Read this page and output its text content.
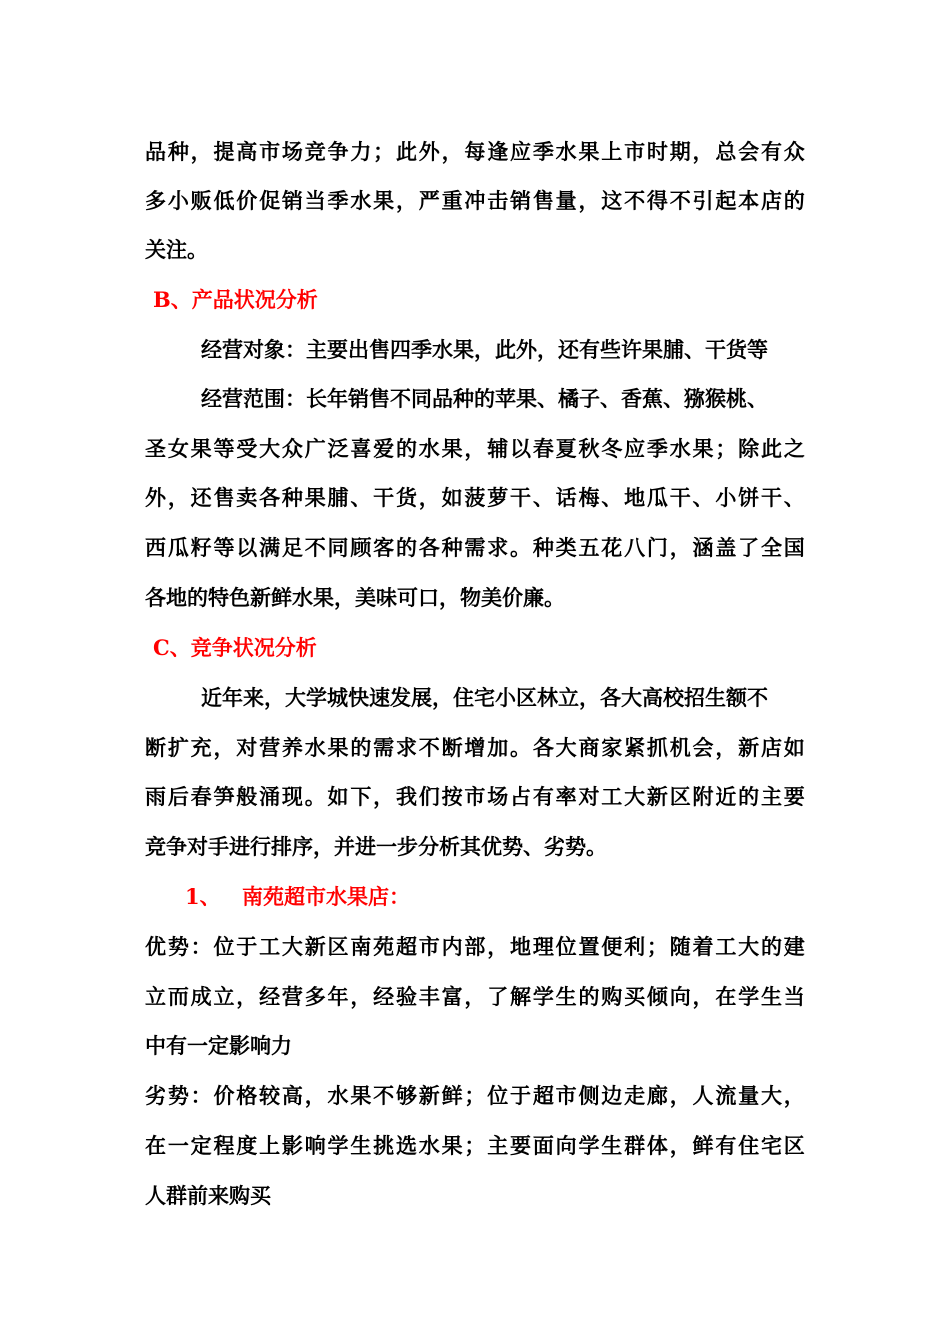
品 种 ， 提 高 市 场 竞 争 力 ； 此 外 ， 每 逢 应 季 水 果 上 市 时 期 ， 总 会 有 众
多 小 贩 低 价 促 销 当 季 水 果 ， 严 重 冲 击 销 售 量 ， 这 不 得 不 引 起 本 店 的
关注。
B、产品状况分析
经营对象：主要出售四季水果，此外，还有些许果脯、干货等
经营范围：长年销售不同品种的苹果、橘子、香蕉、猕猴桃、
圣 女 果 等 受 大 众 广 泛 喜 爱 的 水 果 ， 辅 以 春 夏 秋 冬 应 季 水 果 ； 除 此 之
外 ， 还 售 卖 各 种 果 脯 、 干 货 ， 如 菠 萝 干 、 话 梅 、 地 瓜 干 、 小 饼 干 、
西 瓜 籽 等 以 满 足 不 同 顾 客 的 各 种 需 求 。 种 类 五 花 八 门 ， 涵 盖 了 全 国
各地的特色新鲜水果，美味可口，物美价廉。
C、竞争状况分析
近年来，大学城快速发展，住宅小区林立，各大高校招生额不
断 扩 充 ， 对 营 养 水 果 的 需 求 不 断 增 加 。 各 大 商 家 紧 抓 机 会 ， 新 店 如
雨 后 春 笋 般 涌 现 。 如 下 ， 我 们 按 市 场 占 有 率 对 工 大 新 区 附 近 的 主 要
竞争对手进行排序，并进一步分析其优势、劣势。
1、 南苑超市水果店：
优 势 ： 位 于 工 大 新 区 南 苑 超 市 内 部 ， 地 理 位 置 便 利 ； 随 着 工 大 的 建
立 而 成 立 ， 经 营 多 年 ， 经 验 丰 富 ， 了 解 学 生 的 购 买 倾 向 ， 在 学 生 当
中有一定影响力
劣 势 ： 价 格 较 高 ， 水 果 不 够 新 鲜 ； 位 于 超 市 侧 边 走 廊 ， 人 流 量 大 ，
在 一 定 程 度 上 影 响 学 生 挑 选 水 果 ； 主 要 面 向 学 生 群 体 ， 鲜 有 住 宅 区
人群前来购买
